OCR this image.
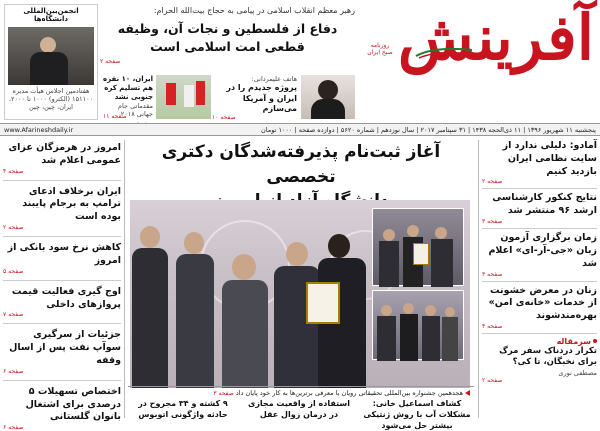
آفرینش
روزنامه صبح ایران
رهبر معظم انقلاب اسلامی در پیامی به حجاج بیت‌الله الحرام:
دفاع از فلسطین و نجات آن، وظیفه قطعی امت اسلامی است
صفحه ۲
هاتف علیمردانی:
پروژه جدیدم را در ایران و آمریکا می‌سازم
صفحه ۱۰
ایران، ۱۰ نفره هم تسلیم کره جنوبی نشد
مقدماتی جام جهانی ۲۰۱۸
صفحه ۱۱
انجمن‌بین‌المللی دانشگاه‌ها
هفتادمین اجلاس هیأت مدیره
۱۵۱۱۰۰ (الکترو) ۱۰۰۰ تا ۲۰۰۰، ایران، چین، چین
پنجشنبه ۱۱ شهریور ۱۳۹۶ | ۱۱ ذی‌الحجه ۱۴۳۸ | ۳۱ سپتامبر ۲۰۱۷ | سال نوزدهم | شماره ۵۶۲۰ | دوازده صفحه | ۱۰۰۰ تومان
www.Afarineshdaily.ir
آمادو: دلیلی ندارد از سایت نظامی ایران بازدید کنیم
صفحه ۲
نتایج کنکور کارشناسی ارشد ۹۶ منتشر شد
صفحه ۳
زمان برگزاری آزمون زبان «جی-آر-ای» اعلام شد
صفحه ۳
زنان در معرض خشونت از خدمات «خانه‌ی امن» بهره‌مندشوند
صفحه ۴
سرمقاله
تکرار دردناک سفر مرگ برای نخبگان، تا کی؟
مصطفی نوری
صفحه ۲
امروز در هرمزگان عزای عمومی اعلام شد
صفحه ۴
ایران برخلاف ادعای ترامپ به برجام پایبند بوده است
صفحه ۲
کاهش نرخ سود بانکی از امروز
صفحه ۵
اوج گیری فعالیت قیمت پروازهای داخلی
صفحه ۷
جزئیات از سرگیری سوآپ نفت پس از اسال وقفه
صفحه ۶
اختصاص تسهیلات ۵ درصدی برای اشتغال بانوان گلستانی
صفحه ۶
آغاز ثبت‌نام پذیرفته‌شدگان دکتری تخصصی
هجدهمین جشنواره بین‌المللی تحقیقاتی رویان با معرفی برترین‌ها به کار خود پایان داد صفحه ۳
۹ کشته و ۳۴ مجروح در حادثه واژگونی اتوبوس
استفاده از واقعیت مجازی در درمان زوال عقل
کشاف اسماعیل خانی: مشکلات آب با روش ژنتیکی بیشتر حل می‌شود
